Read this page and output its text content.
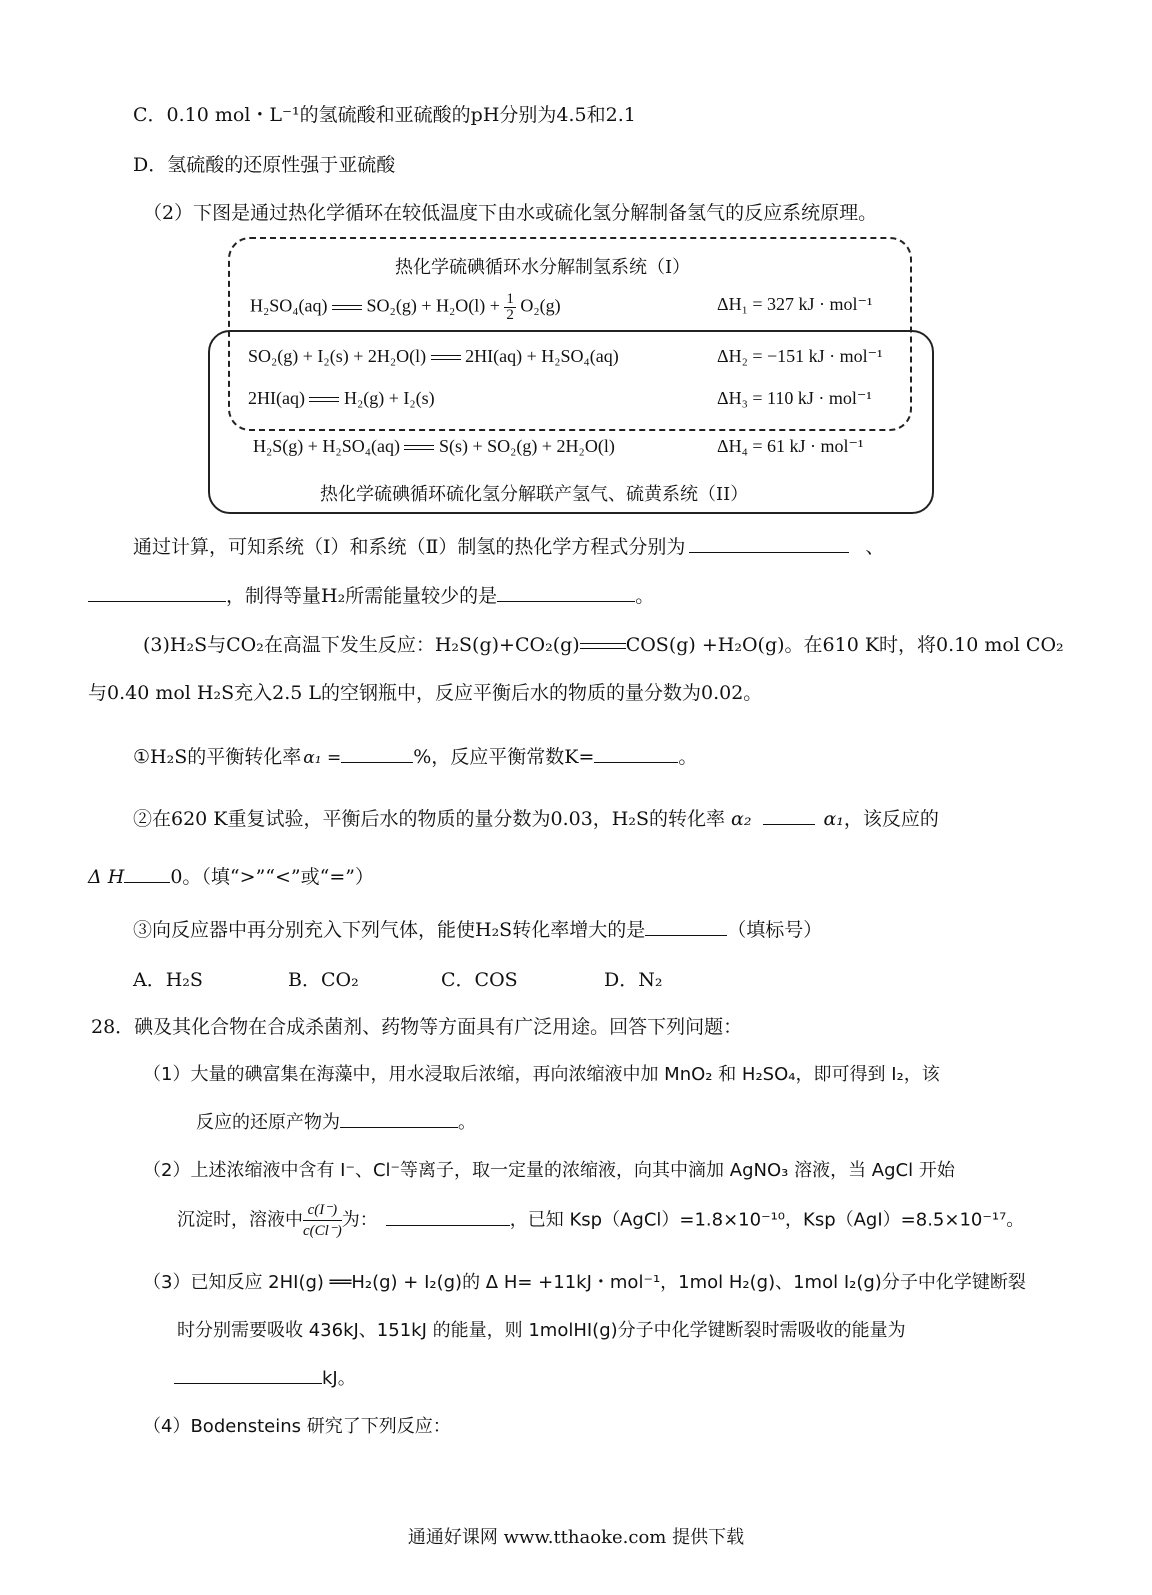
C．0.10 mol・L⁻¹的氢硫酸和亚硫酸的pH分别为4.5和2.1
D．氢硫酸的还原性强于亚硫酸
（2）下图是通过热化学循环在较低温度下由水或硫化氢分解制备氢气的反应系统原理。
热化学硫碘循环水分解制氢系统（I）
H₂SO₄(aq) $SO_2(g) + H_2O(l) + \frac{1}{2} O_2(g)$	ΔH₁ = 327 kJ · mol⁻¹
SO₂(g) + I₂(s) + 2H₂O(l) 2HI(aq) + H₂SO₄(aq)	ΔH₂ = −151 kJ · mol⁻¹
2HI(aq) H₂(g) + I₂(s)	ΔH₃ = 110 kJ · mol⁻¹
H₂S(g) + H₂SO₄(aq) S(s) + SO₂(g) + 2H₂O(l)	ΔH₄ = 61 kJ · mol⁻¹
热化学硫碘循环硫化氢分解联产氢气、硫黄系统（II）
通过计算，可知系统（Ⅰ）和系统（Ⅱ）制氢的热化学方程式分别为	、
，制得等量H₂所需能量较少的是	。
(3)H₂S与CO₂在高温下发生反应：H₂S(g)+CO₂(g) COS(g) +H₂O(g)。在610 K时，将0.10 mol CO₂
与0.40 mol H₂S充入2.5 L的空钢瓶中，反应平衡后水的物质的量分数为0.02。
①H₂S的平衡转化率 α₁ =	%，反应平衡常数K=	。
②在620 K重复试验，平衡后水的物质的量分数为0.03，H₂S的转化率 α₂	α₁，该反应的
Δ H 0。（填“>”“<”或“=”）
③向反应器中再分别充入下列气体，能使H₂S转化率增大的是	（填标号）
A．H₂S	B．CO₂	C．COS	D．N₂
28．碘及其化合物在合成杀菌剂、药物等方面具有广泛用途。回答下列问题：
（1）大量的碘富集在海藻中，用水浸取后浓缩，再向浓缩液中加 MnO₂ 和 H₂SO₄，即可得到 I₂，该
反应的还原产物为	。
（2）上述浓缩液中含有 I⁻、Cl⁻等离子，取一定量的浓缩液，向其中滴加 AgNO₃ 溶液，当 AgCl 开始
沉淀时，溶液中 $\frac{c(I^-)}{c(Cl^-)}$ 为：	，已知 Ksp（AgCl）=1.8×10⁻¹⁰，Ksp（AgI）=8.5×10⁻¹⁷。
（3）已知反应 2HI(g) ══H₂(g) + I₂(g)的 Δ H= +11kJ・mol⁻¹，1mol H₂(g)、1mol I₂(g)分子中化学键断裂
时分别需要吸收 436kJ、151kJ 的能量，则 1molHI(g)分子中化学键断裂时需吸收的能量为
kJ。
（4）Bodensteins 研究了下列反应：
通通好课网 www.tthaoke.com 提供下载
